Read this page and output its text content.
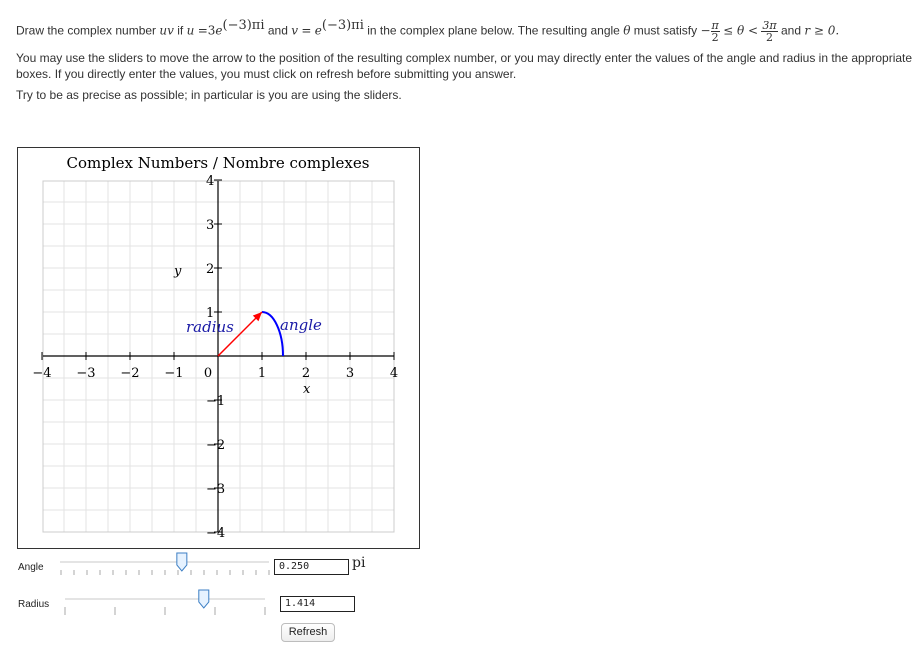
Draw the complex number uv if u =3e(−3)πi and v = e(−3)πi in the complex plane below. The resulting angle θ must satisfy − $\frac{\pi}{2} \le \theta < \frac{3\pi}{2}$ and r ≥ 0.
You may use the sliders to move the arrow to the position of the resulting complex number, or you may directly enter the values of the angle and radius in the appropriate boxes. If you directly enter the values, you must click on refresh before submitting you answer.
Try to be as precise as possible; in particular is you are using the sliders.
Complex Numbers / Nombre complexes
−4 −3 −2 −1 0	1	2	3	4
4
3
2
1
−1
−2
−3
−4
y
x
radius	angle
Angle
0.250	pi
Radius
1.414
Refresh
